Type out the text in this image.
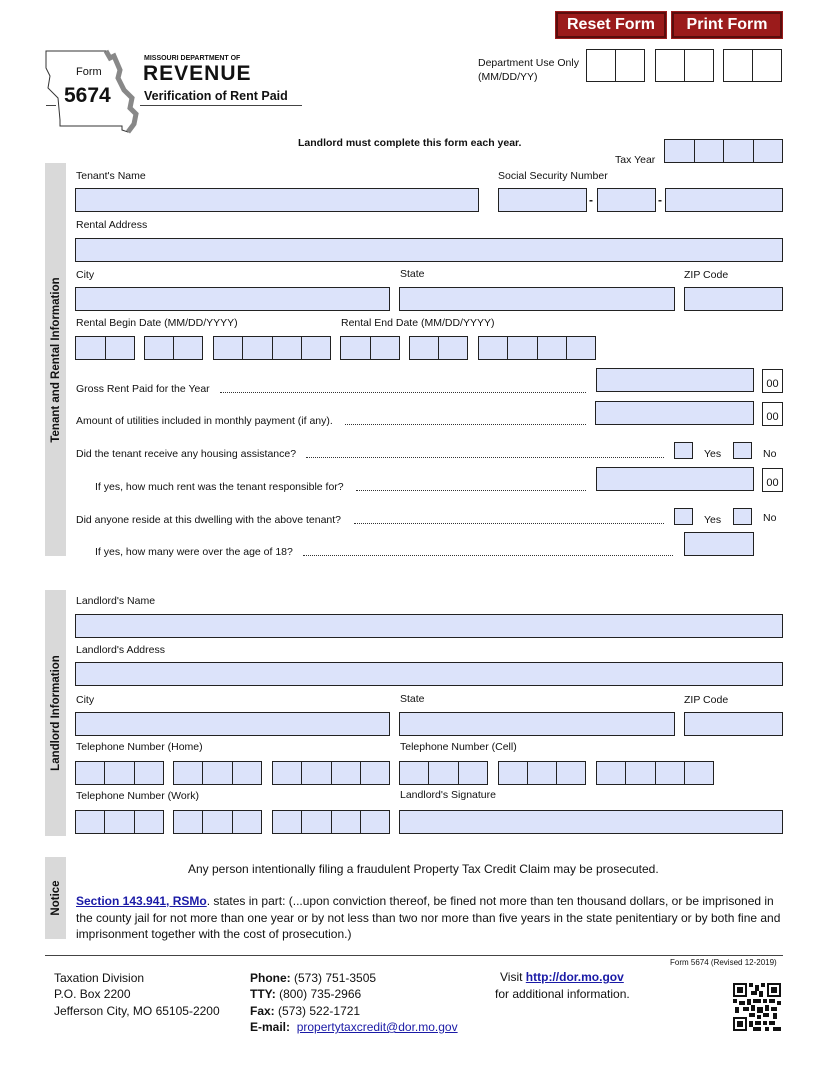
Reset Form	Print Form
Form
5674
MISSOURI DEPARTMENT OF
REVENUE
Verification of Rent Paid
Department Use Only
(MM/DD/YY)
Landlord must complete this form each year.
Tax Year
Tenant and Rental Information
Tenant's Name	Social Security Number
-	-
Rental Address
City	State	ZIP Code
Rental Begin Date (MM/DD/YYYY)	Rental End Date (MM/DD/YYYY)
Gross Rent Paid for the Year	00
Amount of utilities included in monthly payment (if any).	00
Did the tenant receive any housing assistance?	Yes	No
If yes, how much rent was the tenant responsible for?	00
Did anyone reside at this dwelling with the above tenant?	Yes	No
If yes, how many were over the age of 18?
Landlord Information
Landlord's Name
Landlord's Address
City	State	ZIP Code
Telephone Number (Home)	Telephone Number (Cell)
Telephone Number (Work)	Landlord's Signature
Notice
Any person intentionally filing a fraudulent Property Tax Credit Claim may be prosecuted.
Section 143.941, RSMo. states in part: (...upon conviction thereof, be fined not more than ten thousand dollars, or be imprisoned in the county jail for not more than one year or by not less than two nor more than five years in the state penitentiary or by both fine and imprisonment together with the cost of prosecution.)
Form 5674 (Revised 12-2019)
Taxation Division
P.O. Box 2200
Jefferson City, MO 65105-2200
Phone: (573) 751-3505
TTY: (800) 735-2966
Fax: (573) 522-1721
E-mail: propertytaxcredit@dor.mo.gov
Visit http://dor.mo.gov
for additional information.
